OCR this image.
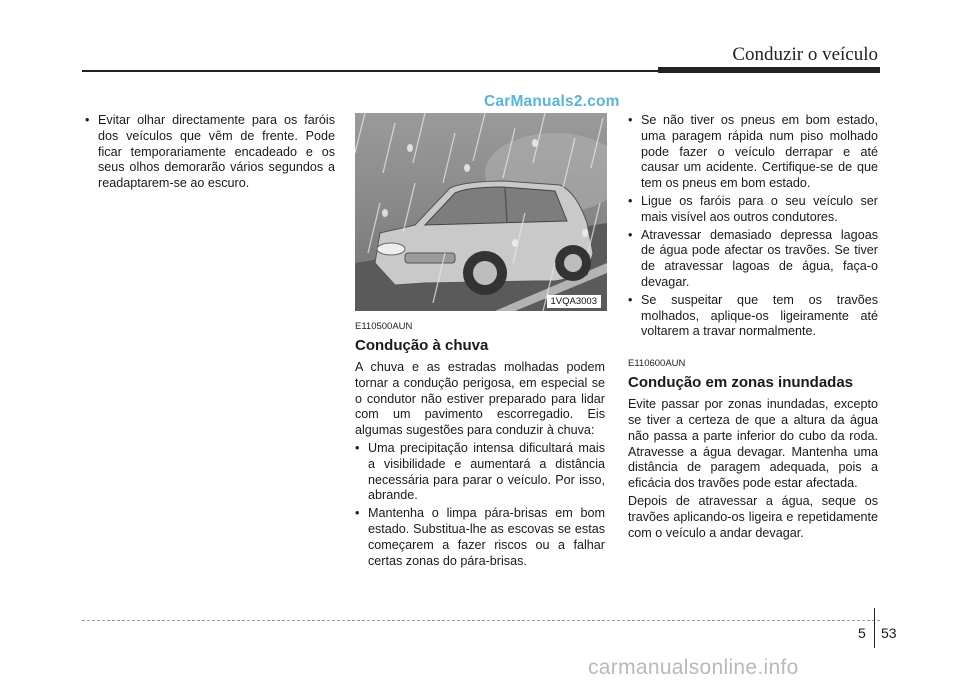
Conduzir o veículo
CarManuals2.com
• Evitar olhar directamente para os faróis dos veículos que vêm de frente. Pode ficar temporariamente encadeado e os seus olhos demorarão vários segundos a readaptarem-se ao escuro.
1VQA3003
E110500AUN
Condução à chuva

A chuva e as estradas molhadas podem tornar a condução perigosa, em especial se o condutor não estiver preparado para lidar com um pavimento escorregadio. Eis algumas sugestões para conduzir à chuva:

• Uma precipitação intensa dificultará mais a visibilidade e aumentará a distância necessária para parar o veículo. Por isso, abrande.
• Mantenha o limpa pára-brisas em bom estado. Substitua-lhe as escovas se estas começarem a fazer riscos ou a falhar certas zonas do pára-brisas.
• Se não tiver os pneus em bom estado, uma paragem rápida num piso molhado pode fazer o veículo derrapar e até causar um acidente. Certifique-se de que tem os pneus em bom estado.
• Ligue os faróis para o seu veículo ser mais visível aos outros condutores.
• Atravessar demasiado depressa lagoas de água pode afectar os travões. Se tiver de atravessar lagoas de água, faça-o devagar.
• Se suspeitar que tem os travões molhados, aplique-os ligeiramente até voltarem a travar normalmente.
E110600AUN
Condução em zonas inundadas

Evite passar por zonas inundadas, excepto se tiver a certeza de que a altura da água não passa a parte inferior do cubo da roda. Atravesse a água devagar. Mantenha uma distância de paragem adequada, pois a eficácia dos travões pode estar afectada.

Depois de atravessar a água, seque os travões aplicando-os ligeira e repetidamente com o veículo a andar devagar.

5 53
carmanualsonline.info
